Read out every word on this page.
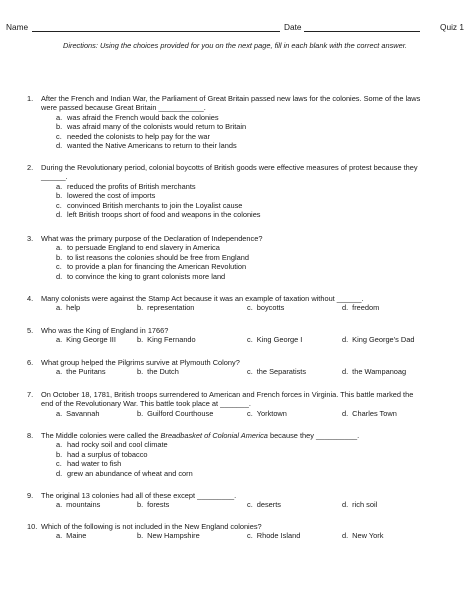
Name	Date	Quiz 1
Directions: Using the choices provided for you on the next page, fill in each blank with the correct answer.
1. After the French and Indian War, the Parliament of Great Britain passed new laws for the colonies. Some of the laws
were passed because Great Britain ___________.
a. was afraid the French would back the colonies
b. was afraid many of the colonists would return to Britain
c. needed the colonists to help pay for the war
d. wanted the Native Americans to return to their lands
2. During the Revolutionary period, colonial boycotts of British goods were effective measures of protest because they
______.
a. reduced the profits of British merchants
b. lowered the cost of imports
c. convinced British merchants to join the Loyalist cause
d. left British troops short of food and weapons in the colonies
3. What was the primary purpose of the Declaration of Independence?
a. to persuade England to end slavery in America
b. to list reasons the colonies should be free from England
c. to provide a plan for financing the American Revolution
d. to convince the king to grant colonists more land
4. Many colonists were against the Stamp Act because it was an example of taxation without ______.
a. help	b. representation	c. boycotts	d. freedom
5. Who was the King of England in 1766?
a. King George III	b. King Fernando	c. King George I	d. King George’s Dad
6. What group helped the Pilgrims survive at Plymouth Colony?
a. the Puritans	b. the Dutch	c. the Separatists	d. the Wampanoag
7. On October 18, 1781, British troops surrendered to American and French forces in Virginia. This battle marked the
end of the Revolutionary War. This battle took place at _______.
a. Savannah	b. Guilford Courthouse	c. Yorktown	d. Charles Town
8. The Middle colonies were called the Breadbasket of Colonial America because they __________.
a. had rocky soil and cool climate
b. had a surplus of tobacco
c. had water to fish
d. grew an abundance of wheat and corn
9. The original 13 colonies had all of these except _________.
a. mountains	b. forests	c. deserts	d. rich soil
10. Which of the following is not included in the New England colonies?
a. Maine	b. New Hampshire	c. Rhode Island	d. New York
